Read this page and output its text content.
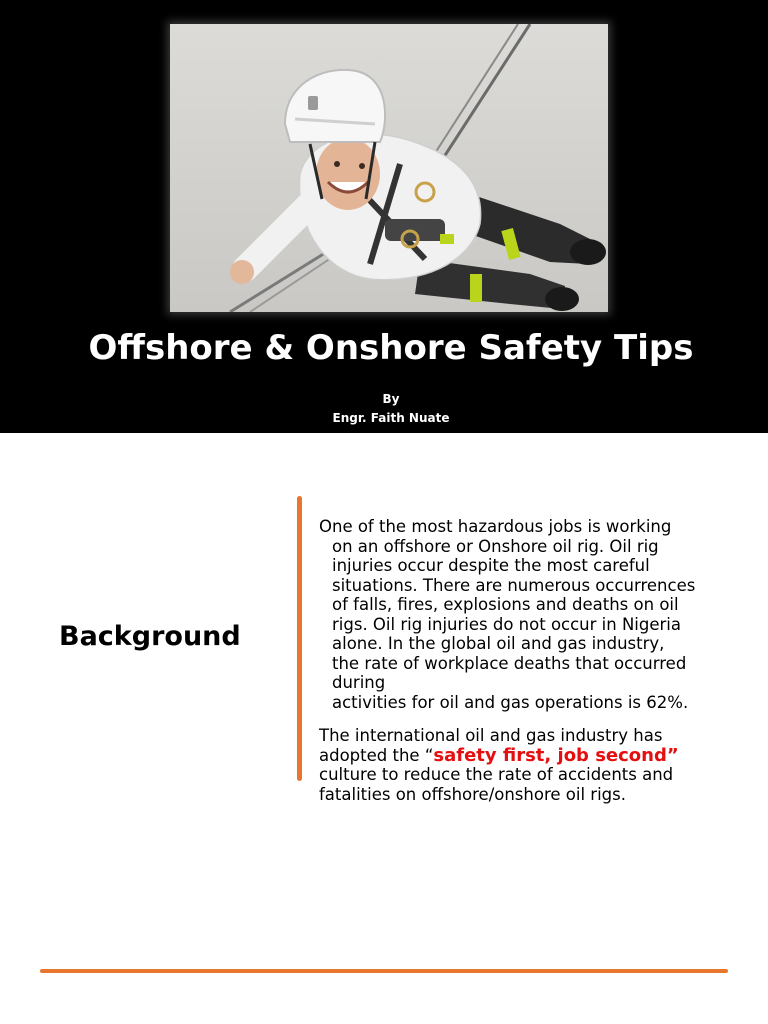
Offshore & Onshore Safety Tips
By
Engr. Faith Nuate
Background
One of the most hazardous jobs is working
on an offshore or Onshore oil rig. Oil rig
injuries occur despite the most careful
situations. There are numerous occurrences
of falls, fires, explosions and deaths on oil
rigs. Oil rig injuries do not occur in Nigeria
alone. In the global oil and gas industry,
the rate of workplace deaths that occurred
during
activities for oil and gas operations is 62%.
The international oil and gas industry has
adopted the “safety first, job second”
culture to reduce the rate of accidents and
fatalities on offshore/onshore oil rigs.
